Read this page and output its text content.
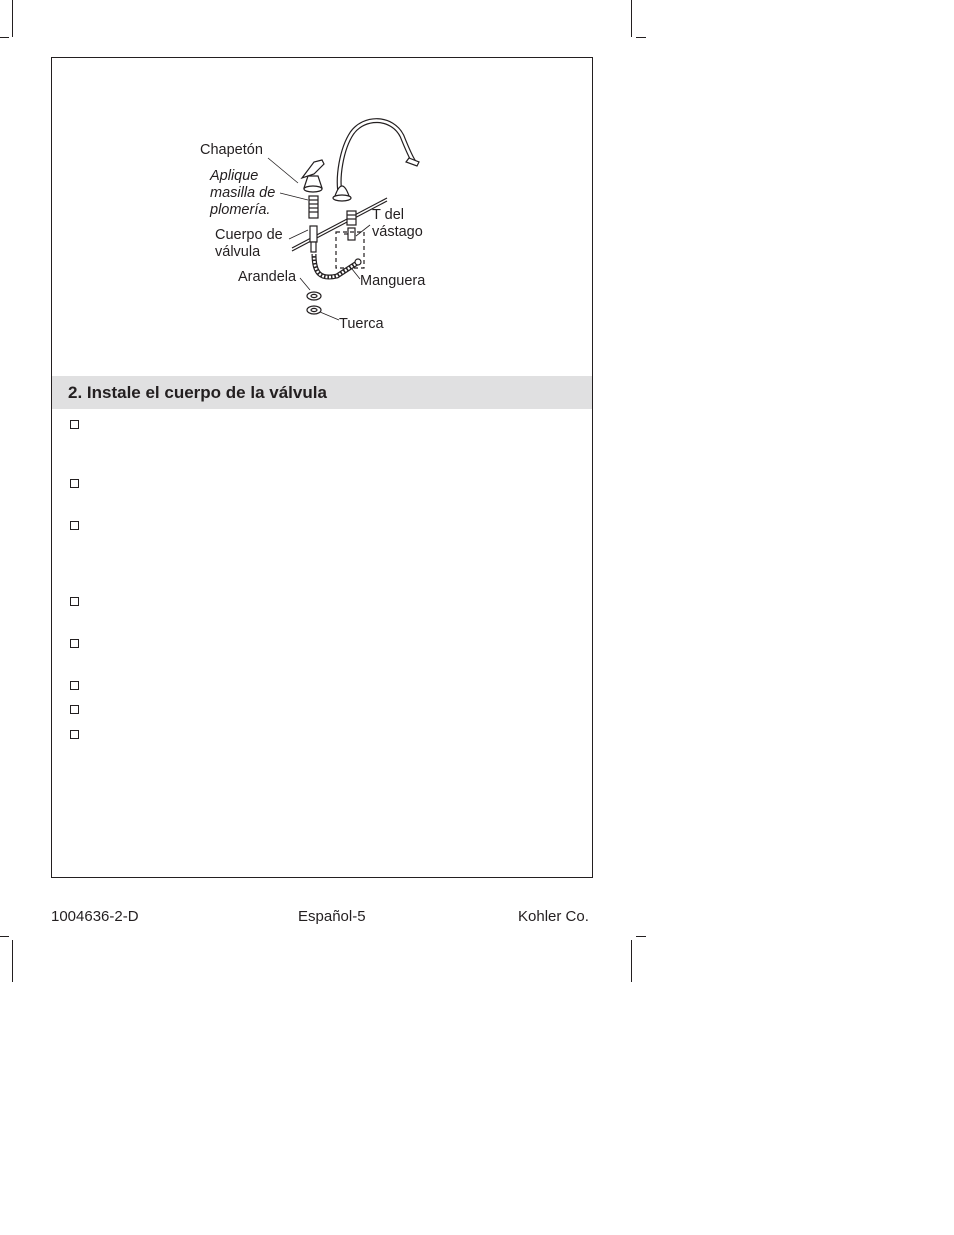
Chapetón
Aplique
masilla de
plomería.
Cuerpo de
válvula
Arandela
T del
vástago
Manguera
Tuerca
2. Instale el cuerpo de la válvula
1004636-2-D	Español-5	Kohler Co.
